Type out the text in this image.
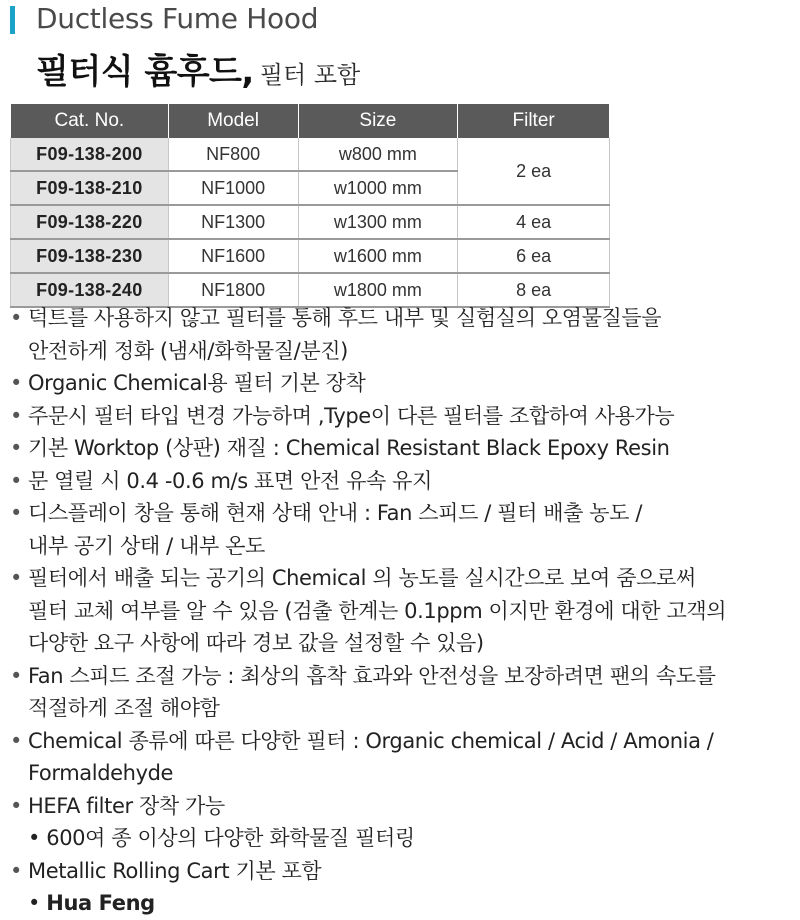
Ductless Fume Hood
필터식 흄후드, 필터 포함
Cat. No.	Model	Size	Filter
F09-138-200	NF800	w800 mm	2 ea
F09-138-210	NF1000	w1000 mm	
F09-138-220	NF1300	w1300 mm	4 ea
F09-138-230	NF1600	w1600 mm	6 ea
F09-138-240	NF1800	w1800 mm	8 ea
• 덕트를 사용하지 않고 필터를 통해 후드 내부 및 실험실의 오염물질들을
안전하게 정화 (냄새/화학물질/분진)
• Organic Chemical용 필터 기본 장착
• 주문시 필터 타입 변경 가능하며 ,Type이 다른 필터를 조합하여 사용가능
• 기본 Worktop (상판) 재질 : Chemical Resistant Black Epoxy Resin
• 문 열릴 시 0.4 -0.6 m/s 표면 안전 유속 유지
• 디스플레이 창을 통해 현재 상태 안내 : Fan 스피드 / 필터 배출 농도 /
내부 공기 상태 / 내부 온도
• 필터에서 배출 되는 공기의 Chemical 의 농도를 실시간으로 보여 줌으로써
필터 교체 여부를 알 수 있음 (검출 한계는 0.1ppm 이지만 환경에 대한 고객의
다양한 요구 사항에 따라 경보 값을 설정할 수 있음)
• Fan 스피드 조절 가능 : 최상의 흡착 효과와 안전성을 보장하려면 팬의 속도를
적절하게 조절 해야함
• Chemical 종류에 따른 다양한 필터 : Organic chemical / Acid / Amonia /
Formaldehyde
• HEFA filter 장착 가능
• 600여 종 이상의 다양한 화학물질 필터링
• Metallic Rolling Cart 기본 포함
• Hua Feng
